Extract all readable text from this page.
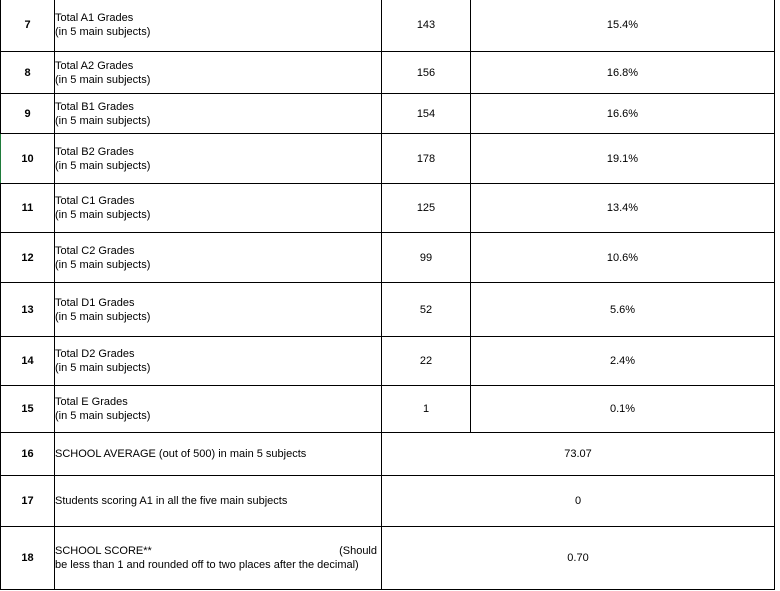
7	Total A1 Grades
(in 5 main subjects)	143	15.4%
8	Total A2 Grades
(in 5 main subjects)	156	16.8%
9	Total B1 Grades
(in 5 main subjects)	154	16.6%
10	Total B2 Grades
(in 5 main subjects)	178	19.1%
11	Total C1 Grades
(in 5 main subjects)	125	13.4%
12	Total C2 Grades
(in 5 main subjects)	99	10.6%
13	Total D1 Grades
(in 5 main subjects)	52	5.6%
14	Total D2 Grades
(in 5 main subjects)	22	2.4%
15	Total E Grades
(in 5 main subjects)	1	0.1%
16	SCHOOL AVERAGE (out of 500) in main 5 subjects	73.07	
17	Students scoring A1 in all the five main subjects	0	
18	SCHOOL SCORE** (Should
be less than 1 and rounded off to two places after the decimal)	0.70	
